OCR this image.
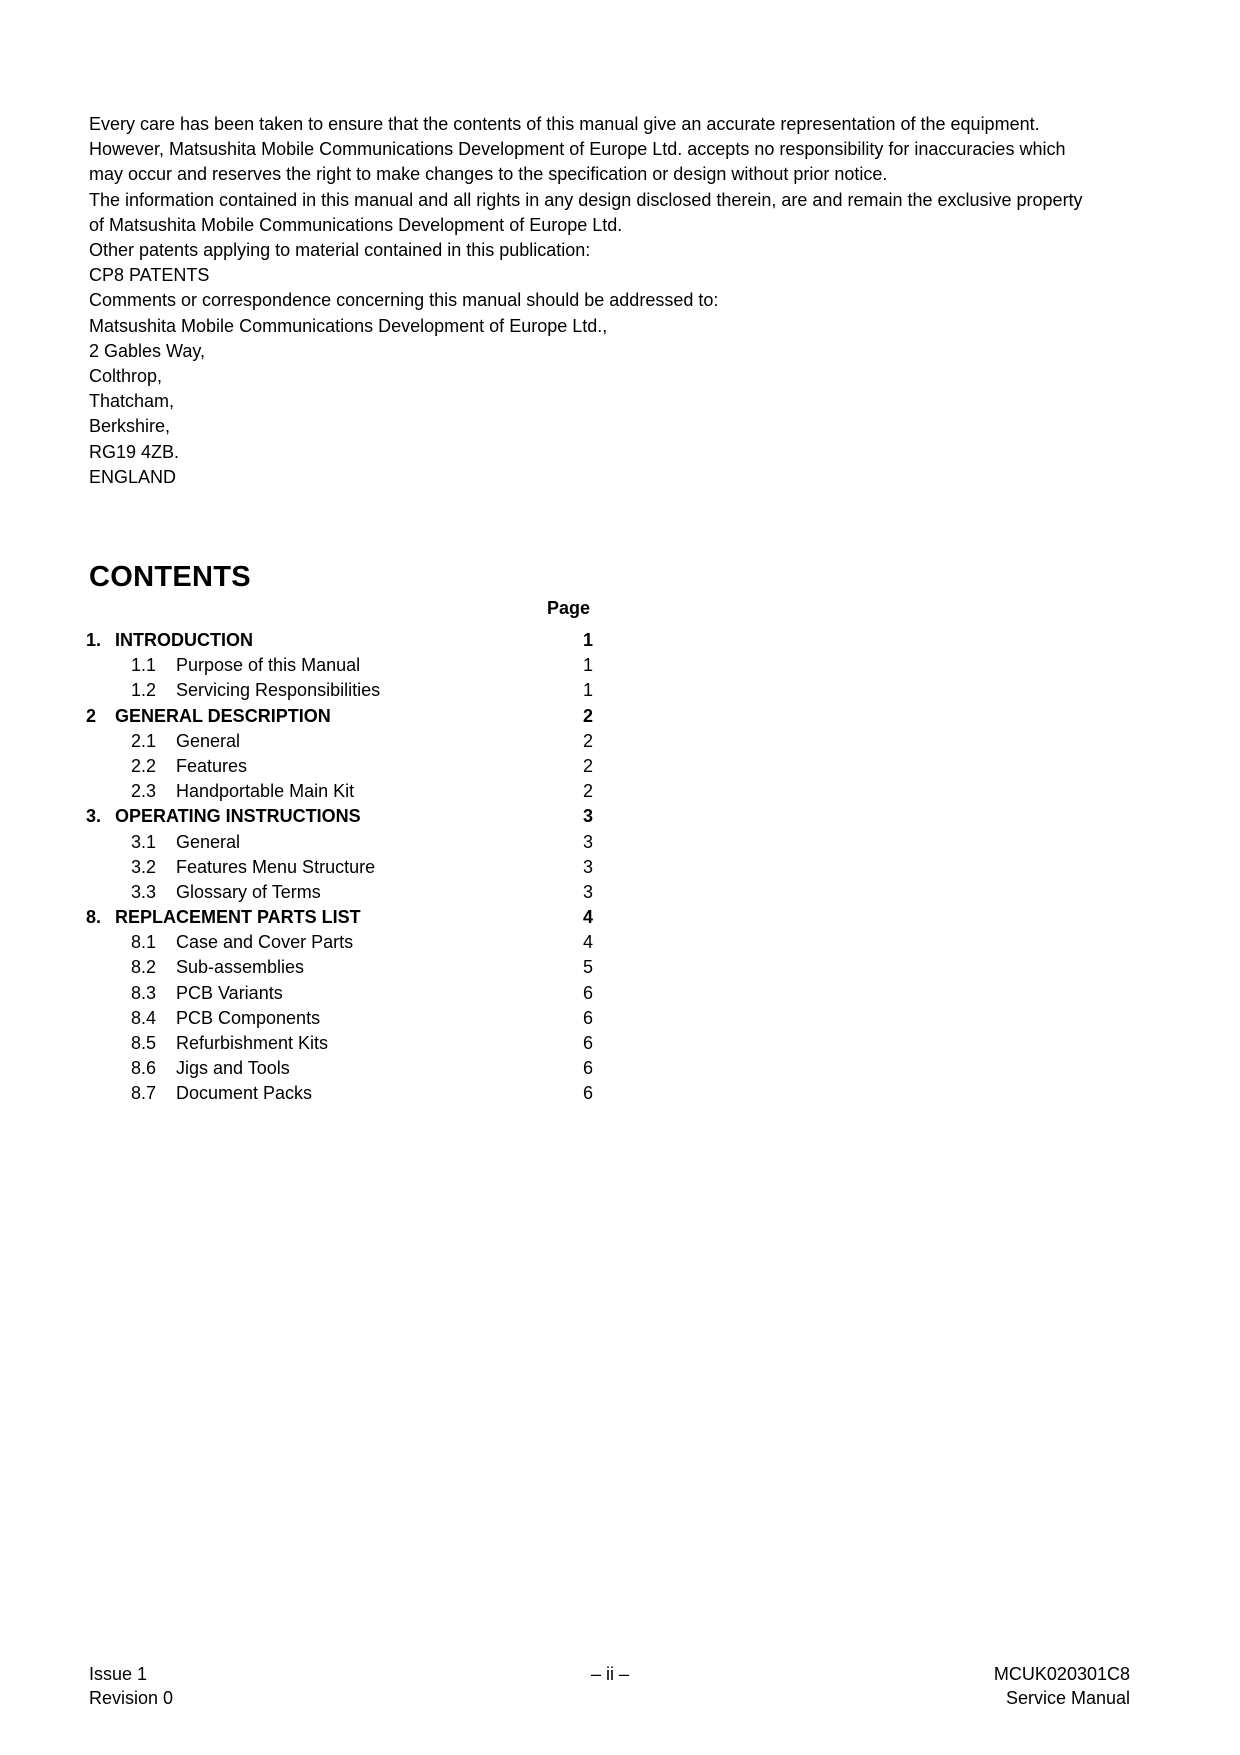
Every care has been taken to ensure that the contents of this manual give an accurate representation of the equipment.
However, Matsushita Mobile Communications Development of Europe Ltd. accepts no responsibility for inaccuracies which
may occur and reserves the right to make changes to the specification or design without prior notice.
The information contained in this manual and all rights in any design disclosed therein, are and remain the exclusive property
of Matsushita Mobile Communications Development of Europe Ltd.
Other patents applying to material contained in this publication:
CP8 PATENTS
Comments or correspondence concerning this manual should be addressed to:
Matsushita Mobile Communications Development of Europe Ltd.,
2 Gables Way,
Colthrop,
Thatcham,
Berkshire,
RG19 4ZB.
ENGLAND
CONTENTS
Page
1. INTRODUCTION	1
1.1 Purpose of this Manual	1
1.2 Servicing Responsibilities	1
2 GENERAL DESCRIPTION	2
2.1 General	2
2.2 Features	2
2.3 Handportable Main Kit	2
3. OPERATING INSTRUCTIONS	3
3.1 General	3
3.2 Features Menu Structure	3
3.3 Glossary of Terms	3
8. REPLACEMENT PARTS LIST	4
8.1 Case and Cover Parts	4
8.2 Sub-assemblies	5
8.3 PCB Variants	6
8.4 PCB Components	6
8.5 Refurbishment Kits	6
8.6 Jigs and Tools	6
8.7 Document Packs	6
Issue 1
Revision 0
– ii –	MCUK020301C8
Service Manual
